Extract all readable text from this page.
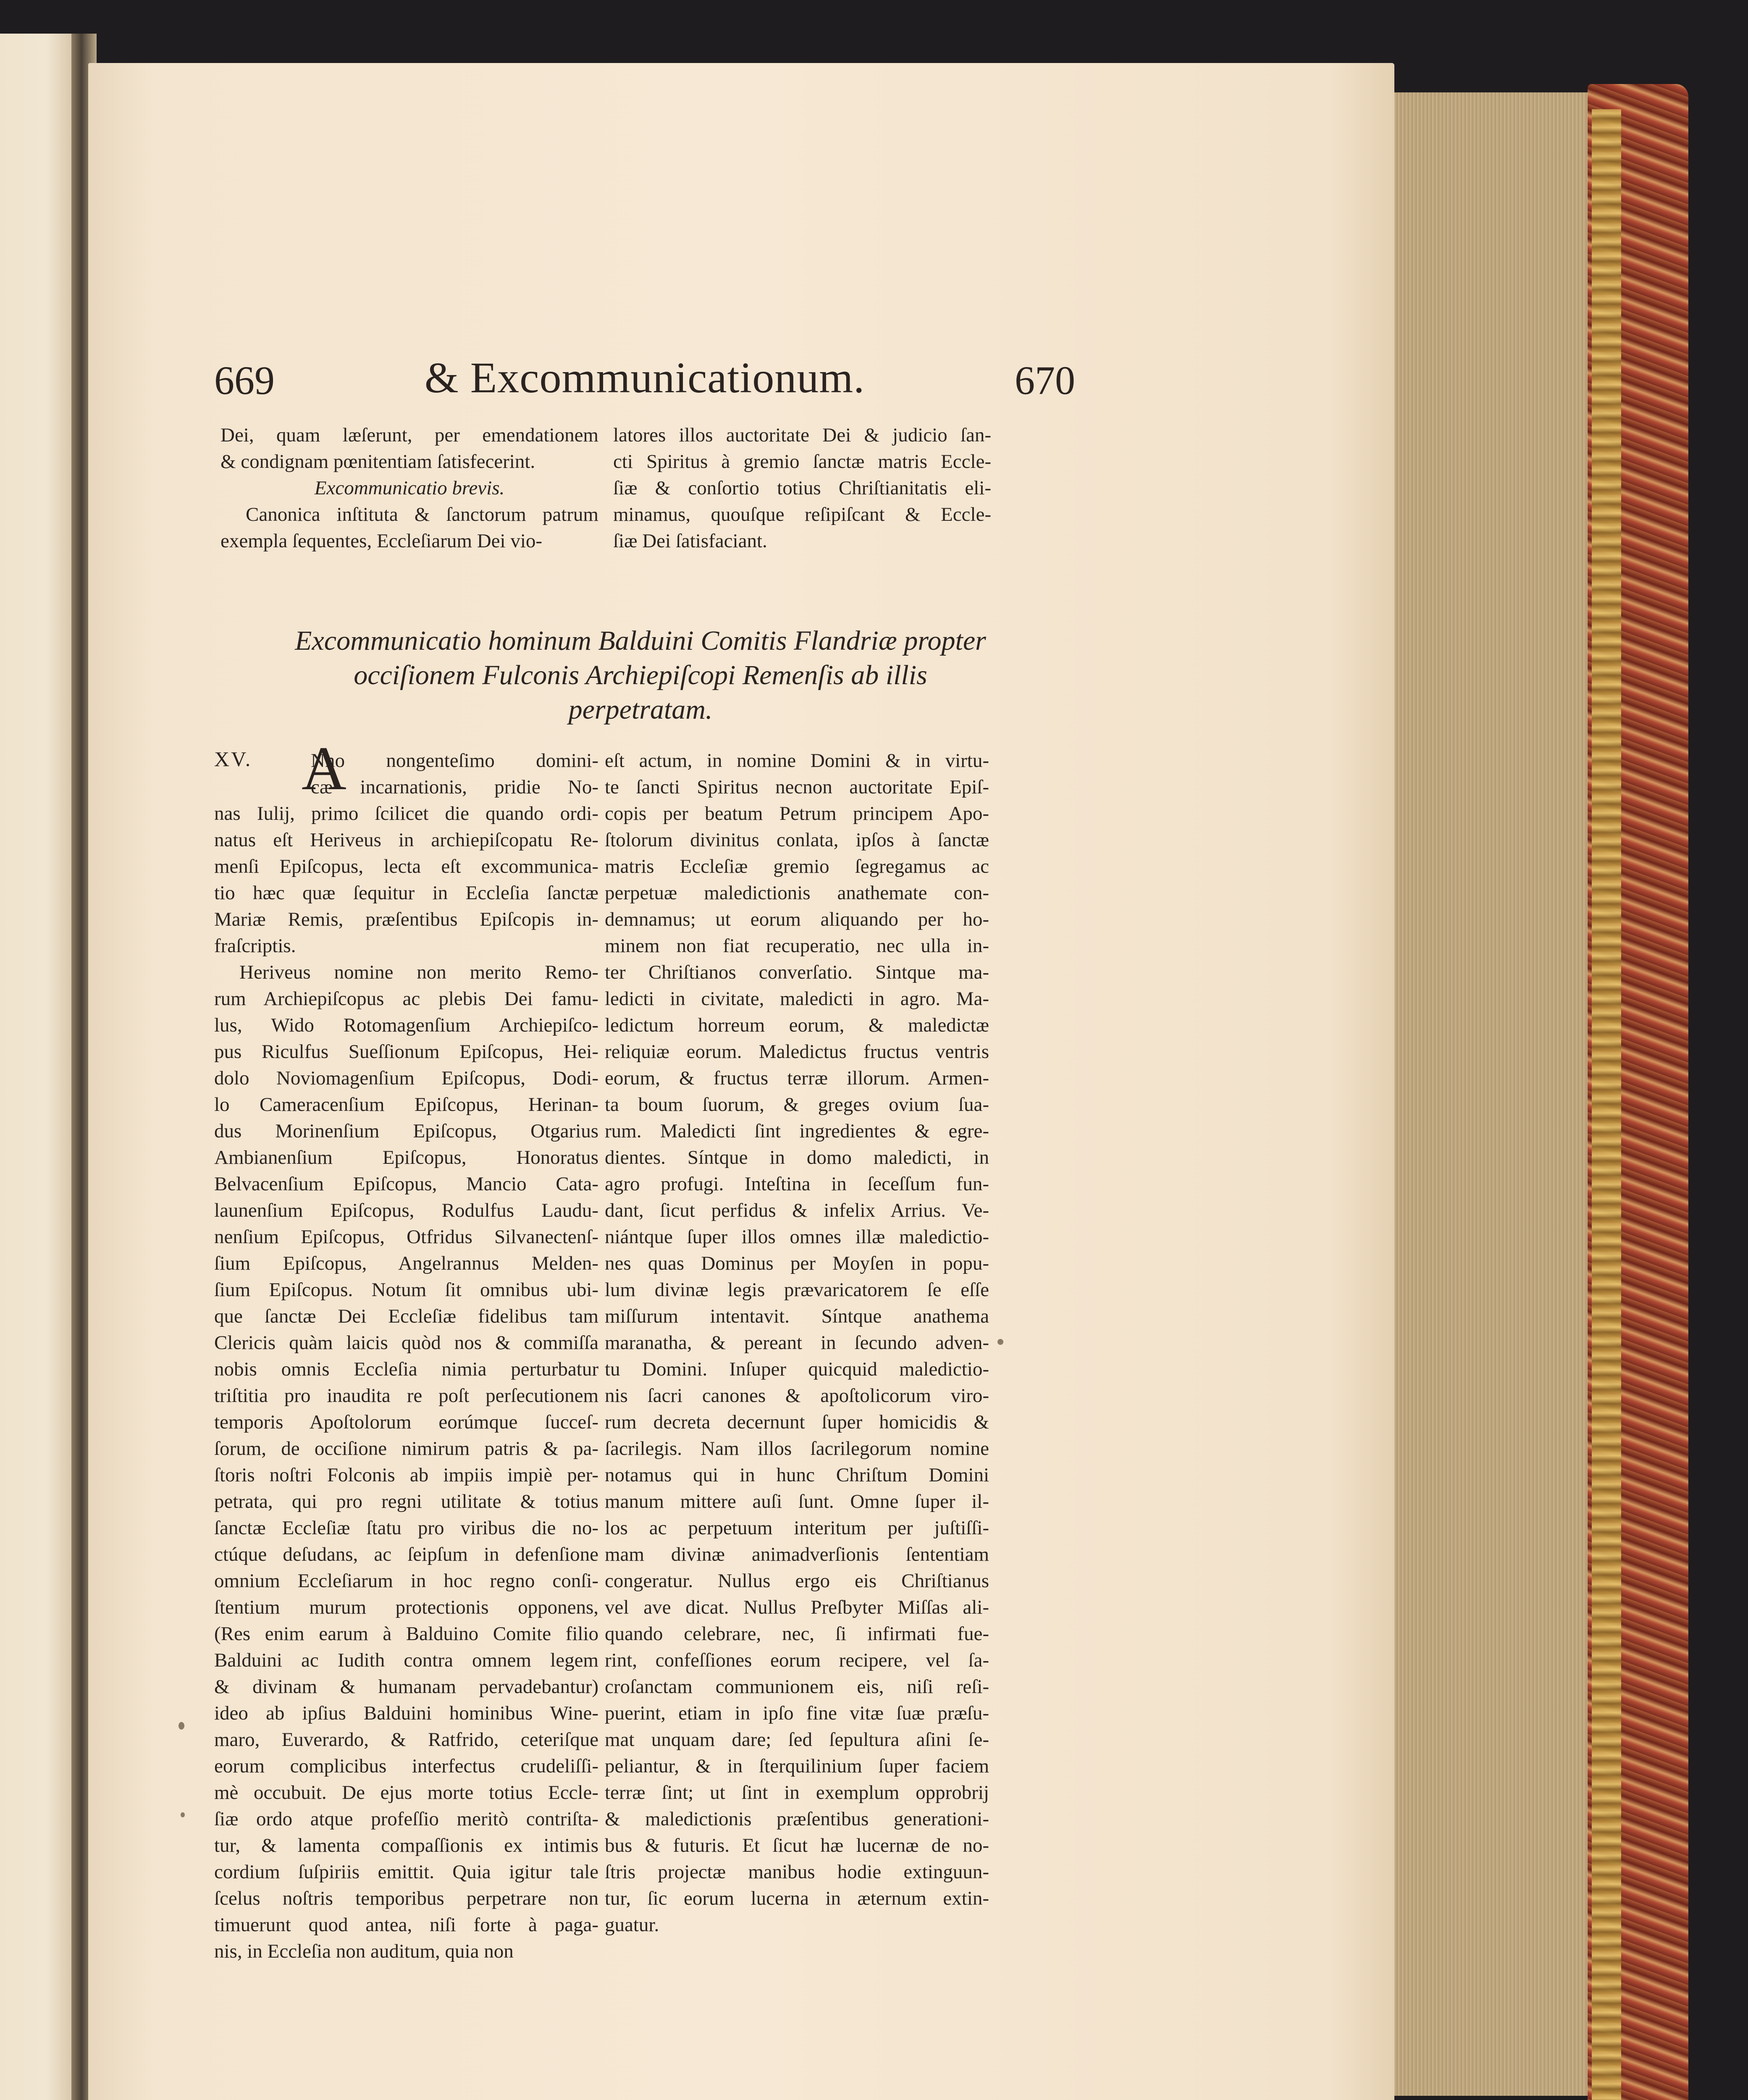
669	& Excommunicationum.	670
Dei, quam læſerunt, per emendationem
& condignam pœnitentiam ſatisfecerint.
Excommunicatio brevis.
Canonica inſtituta & ſanctorum patrum
exempla ſequentes, Eccleſiarum Dei vio-
latores illos auctoritate Dei & judicio ſan-
cti Spiritus à gremio ſanctæ matris Eccle-
ſiæ & conſortio totius Chriſtianitatis eli-
minamus, quouſque reſipiſcant & Eccle-
ſiæ Dei ſatisfaciant.
Excommunicatio hominum Balduini Comitis Flandriæ propter
occiſionem Fulconis Archiepiſcopi Remenſis ab illis
perpetratam.
XV. A
Nno nongenteſimo domini-
cæ incarnationis, pridie No-
nas Iulij, primo ſcilicet die quando ordi-
natus eſt Heriveus in archiepiſcopatu Re-
menſi Epiſcopus, lecta eſt excommunica-
tio hæc quæ ſequitur in Eccleſia ſanctæ
Mariæ Remis, præſentibus Epiſcopis in-
fraſcriptis.
Heriveus nomine non merito Remo-
rum Archiepiſcopus ac plebis Dei famu-
lus, Wido Rotomagenſium Archiepiſco-
pus Riculfus Sueſſionum Epiſcopus, Hei-
dolo Noviomagenſium Epiſcopus, Dodi-
lo Cameracenſium Epiſcopus, Herinan-
dus Morinenſium Epiſcopus, Otgarius
Ambianenſium Epiſcopus, Honoratus
Belvacenſium Epiſcopus, Mancio Cata-
launenſium Epiſcopus, Rodulfus Laudu-
nenſium Epiſcopus, Otfridus Silvanectenſ-
ſium Epiſcopus, Angelrannus Melden-
ſium Epiſcopus. Notum ſit omnibus ubi-
que ſanctæ Dei Eccleſiæ fidelibus tam
Clericis quàm laicis quòd nos & commiſſa
nobis omnis Eccleſia nimia perturbatur
triſtitia pro inaudita re poſt perſecutionem
temporis Apoſtolorum eorúmque ſucceſ-
ſorum, de occiſione nimirum patris & pa-
ſtoris noſtri Folconis ab impiis impiè per-
petrata, qui pro regni utilitate & totius
ſanctæ Eccleſiæ ſtatu pro viribus die no-
ctúque deſudans, ac ſeipſum in defenſione
omnium Eccleſiarum in hoc regno conſi-
ſtentium murum protectionis opponens,
(Res enim earum à Balduino Comite filio
Balduini ac Iudith contra omnem legem
& divinam & humanam pervadebantur)
ideo ab ipſius Balduini hominibus Wine-
maro, Euverardo, & Ratfrido, ceteriſque
eorum complicibus interfectus crudeliſſi-
mè occubuit. De ejus morte totius Eccle-
ſiæ ordo atque profeſſio meritò contriſta-
tur, & lamenta compaſſionis ex intimis
cordium ſuſpiriis emittit. Quia igitur tale
ſcelus noſtris temporibus perpetrare non
timuerunt quod antea, niſi forte à paga-
nis, in Eccleſia non auditum, quia non
eſt actum, in nomine Domini & in virtu-
te ſancti Spiritus necnon auctoritate Epiſ-
copis per beatum Petrum principem Apo-
ſtolorum divinitus conlata, ipſos à ſanctæ
matris Eccleſiæ gremio ſegregamus ac
perpetuæ maledictionis anathemate con-
demnamus; ut eorum aliquando per ho-
minem non fiat recuperatio, nec ulla in-
ter Chriſtianos converſatio. Sintque ma-
ledicti in civitate, maledicti in agro. Ma-
ledictum horreum eorum, & maledictæ
reliquiæ eorum. Maledictus fructus ventris
eorum, & fructus terræ illorum. Armen-
ta boum ſuorum, & greges ovium ſua-
rum. Maledicti ſint ingredientes & egre-
dientes. Síntque in domo maledicti, in
agro profugi. Inteſtina in ſeceſſum fun-
dant, ſicut perfidus & infelix Arrius. Ve-
niántque ſuper illos omnes illæ maledictio-
nes quas Dominus per Moyſen in popu-
lum divinæ legis prævaricatorem ſe eſſe
miſſurum intentavit. Síntque anathema
maranatha, & pereant in ſecundo adven-
tu Domini. Inſuper quicquid maledictio-
nis ſacri canones & apoſtolicorum viro-
rum decreta decernunt ſuper homicidis &
ſacrilegis. Nam illos ſacrilegorum nomine
notamus qui in hunc Chriſtum Domini
manum mittere auſi ſunt. Omne ſuper il-
los ac perpetuum interitum per juſtiſſi-
mam divinæ animadverſionis ſententiam
congeratur. Nullus ergo eis Chriſtianus
vel ave dicat. Nullus Preſbyter Miſſas ali-
quando celebrare, nec, ſi infirmati fue-
rint, confeſſiones eorum recipere, vel ſa-
croſanctam communionem eis, niſi reſi-
puerint, etiam in ipſo fine vitæ ſuæ præſu-
mat unquam dare; ſed ſepultura aſini ſe-
peliantur, & in ſterquilinium ſuper faciem
terræ ſint; ut ſint in exemplum opprobrij
& maledictionis præſentibus generationi-
bus & futuris. Et ſicut hæ lucernæ de no-
ſtris projectæ manibus hodie extinguun-
tur, ſic eorum lucerna in æternum extin-
guatur.
